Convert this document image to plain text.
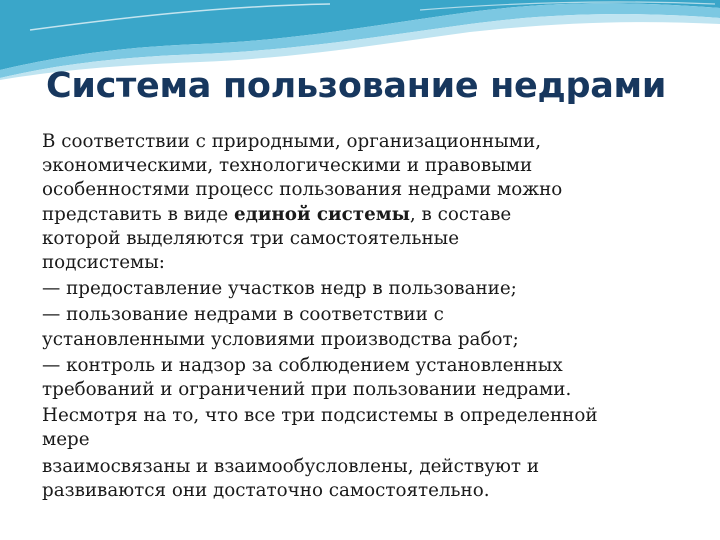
Система пользование недрами

В соответствии с природными, организационными,
экономическими, технологическими и правовыми
особенностями процесс пользования недрами можно
представить в виде единой системы, в составе
которой выделяются три самостоятельные
подсистемы:

— предоставление участков недр в пользование;

— пользование недрами в соответствии с
установленными условиями производства работ;

— контроль и надзор за соблюдением установленных
требований и ограничений при пользовании недрами.

Несмотря на то, что все три подсистемы в определенной
мере

взаимосвязаны и взаимообусловлены, действуют и
развиваются они достаточно самостоятельно.
